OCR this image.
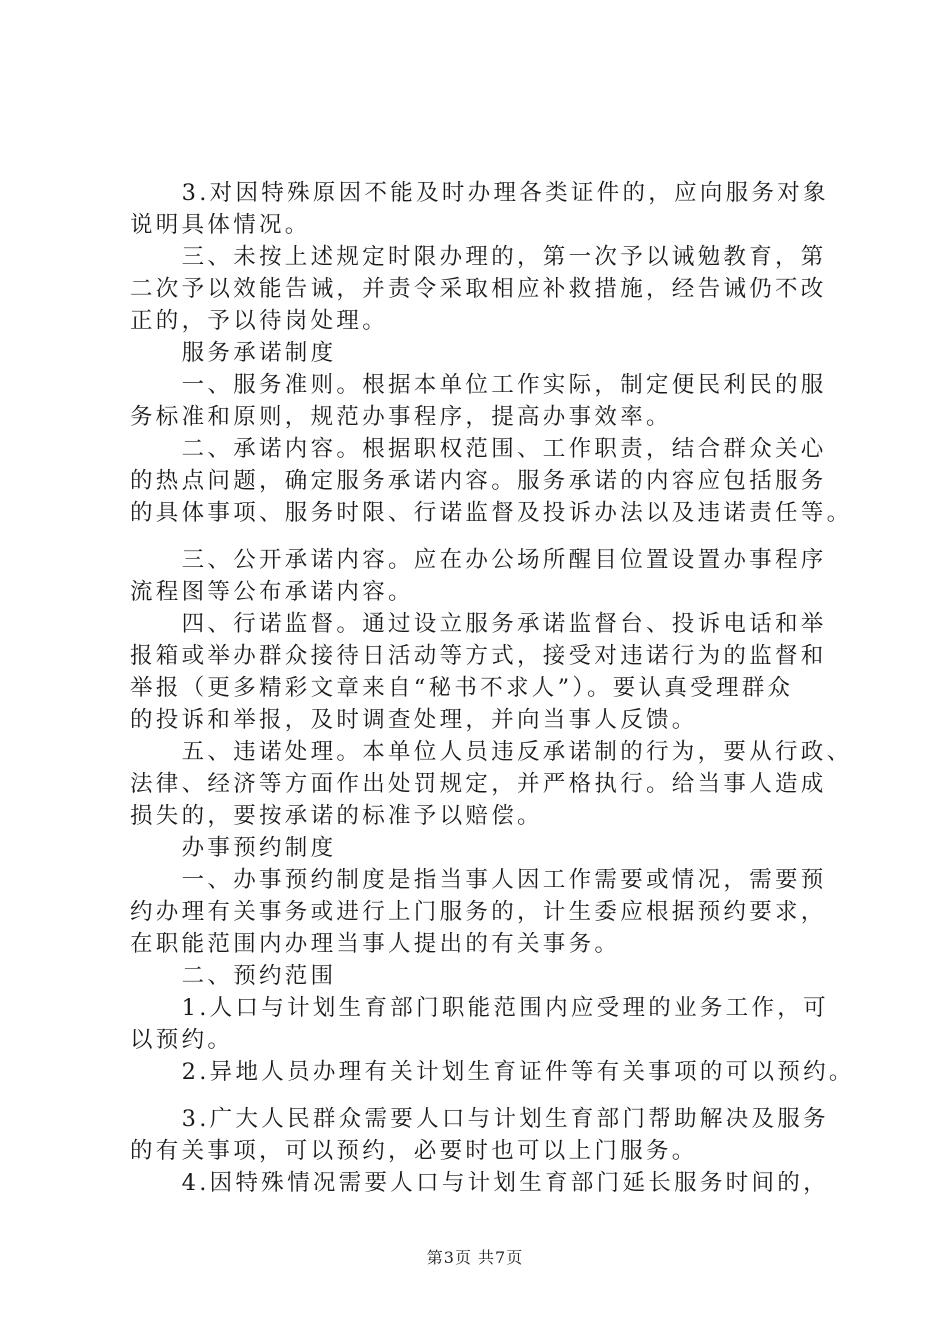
　　3.对因特殊原因不能及时办理各类证件的，应向服务对象
说明具体情况。
　　三、未按上述规定时限办理的，第一次予以诫勉教育，第
二次予以效能告诫，并责令采取相应补救措施，经告诫仍不改
正的，予以待岗处理。
　　服务承诺制度
　　一、服务准则。根据本单位工作实际，制定便民利民的服
务标准和原则，规范办事程序，提高办事效率。
　　二、承诺内容。根据职权范围、工作职责，结合群众关心
的热点问题，确定服务承诺内容。服务承诺的内容应包括服务
的具体事项、服务时限、行诺监督及投诉办法以及违诺责任等。
　　三、公开承诺内容。应在办公场所醒目位置设置办事程序
流程图等公布承诺内容。
　　四、行诺监督。通过设立服务承诺监督台、投诉电话和举
报箱或举办群众接待日活动等方式，接受对违诺行为的监督和
举报（更多精彩文章来自“秘书不求人”）。要认真受理群众
的投诉和举报，及时调查处理，并向当事人反馈。
　　五、违诺处理。本单位人员违反承诺制的行为，要从行政、
法律、经济等方面作出处罚规定，并严格执行。给当事人造成
损失的，要按承诺的标准予以赔偿。
　　办事预约制度
　　一、办事预约制度是指当事人因工作需要或情况，需要预
约办理有关事务或进行上门服务的，计生委应根据预约要求，
在职能范围内办理当事人提出的有关事务。
　　二、预约范围
　　1.人口与计划生育部门职能范围内应受理的业务工作，可
以预约。
　　2.异地人员办理有关计划生育证件等有关事项的可以预约。
　　3.广大人民群众需要人口与计划生育部门帮助解决及服务
的有关事项，可以预约，必要时也可以上门服务。
　　4.因特殊情况需要人口与计划生育部门延长服务时间的，
第3页 共7页
